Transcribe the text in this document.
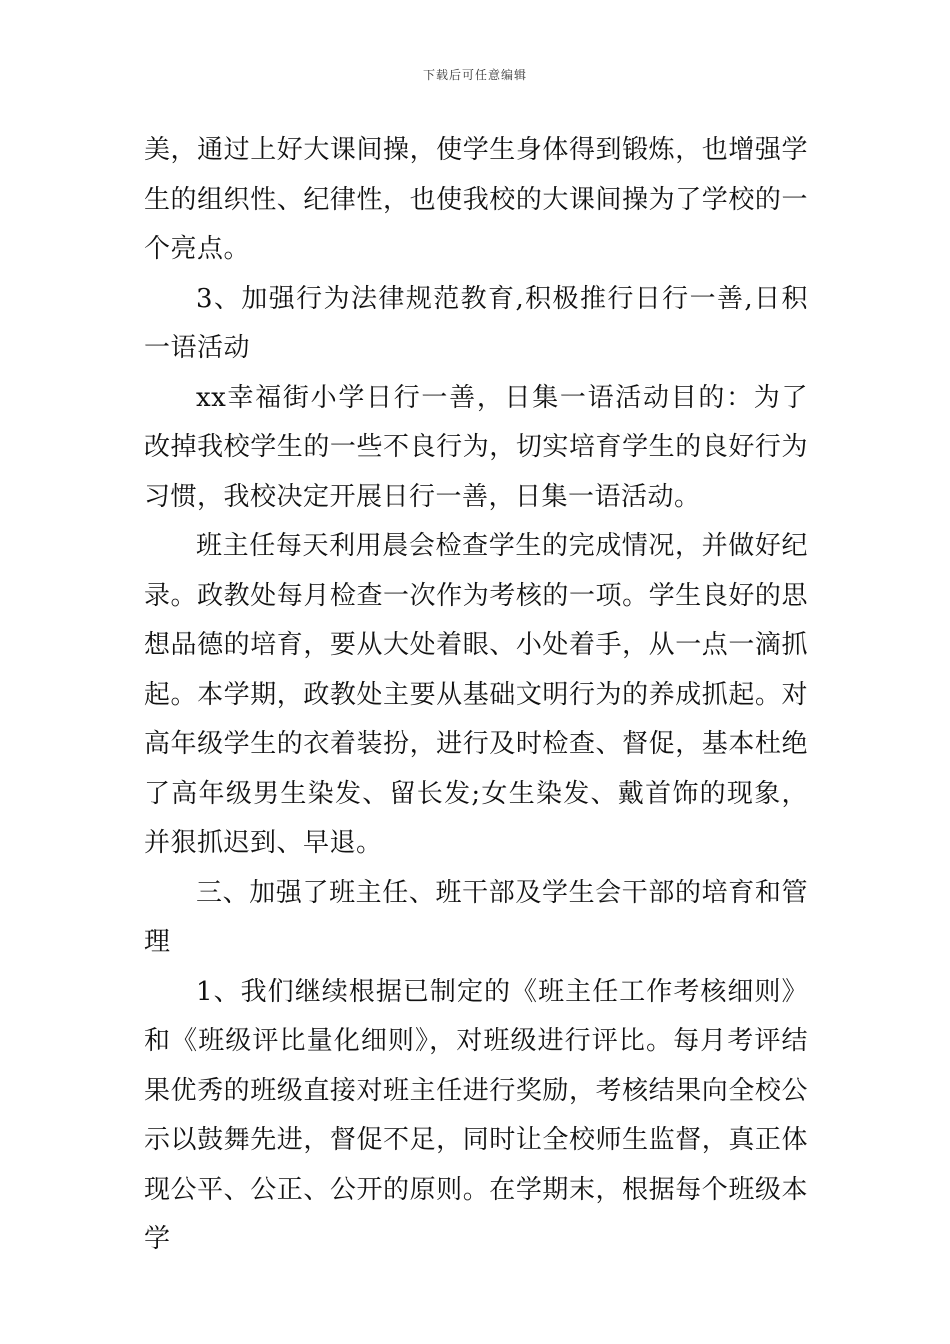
下载后可任意编辑

美，通过上好大课间操，使学生身体得到锻炼，也增强学生的组织性、纪律性，也使我校的大课间操为了学校的一个亮点。

3、加强行为法律规范教育,积极推行日行一善,日积一语活动

xx幸福街小学日行一善，日集一语活动目的：为了改掉我校学生的一些不良行为，切实培育学生的良好行为习惯，我校决定开展日行一善，日集一语活动。

班主任每天利用晨会检查学生的完成情况，并做好纪录。政教处每月检查一次作为考核的一项。学生良好的思想品德的培育，要从大处着眼、小处着手，从一点一滴抓起。本学期，政教处主要从基础文明行为的养成抓起。对高年级学生的衣着装扮，进行及时检查、督促，基本杜绝了高年级男生染发、留长发;女生染发、戴首饰的现象，并狠抓迟到、早退。

三、加强了班主任、班干部及学生会干部的培育和管理

1、我们继续根据已制定的《班主任工作考核细则》和《班级评比量化细则》，对班级进行评比。每月考评结果优秀的班级直接对班主任进行奖励，考核结果向全校公示以鼓舞先进，督促不足，同时让全校师生监督，真正体现公平、公正、公开的原则。在学期末，根据每个班级本学
